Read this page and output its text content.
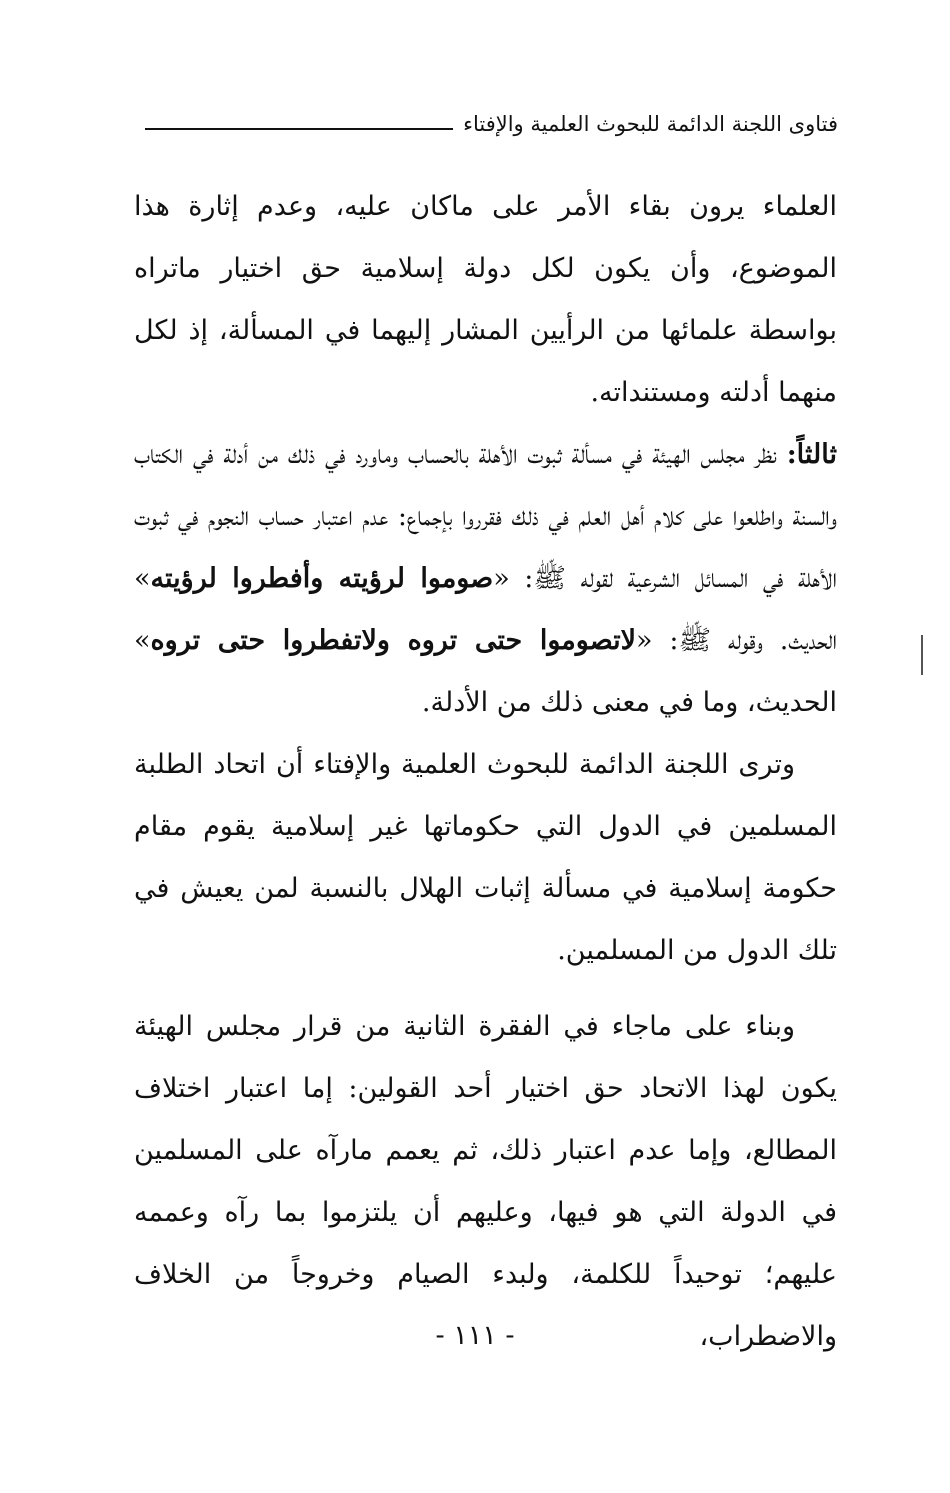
فتاوى اللجنة الدائمة للبحوث العلمية والإفتاء

العلماء يرون بقاء الأمر على ماكان عليه، وعدم إثارة هذا الموضوع، وأن يكون لكل دولة إسلامية حق اختيار ماتراه بواسطة علمائها من الرأيين المشار إليهما في المسألة، إذ لكل منهما أدلته ومستنداته.

ثالثاً: نظر مجلس الهيئة في مسألة ثبوت الأهلة بالحساب وماورد في ذلك من أدلة في الكتاب والسنة واطلعوا على كلام أهل العلم في ذلك فقرروا بإجماع: عدم اعتبار حساب النجوم في ثبوت الأهلة في المسائل الشرعية لقوله ﷺ: «صوموا لرؤيته وأفطروا لرؤيته» الحديث. وقوله ﷺ: «لاتصوموا حتى تروه ولاتفطروا حتى تروه» الحديث، وما في معنى ذلك من الأدلة.

وترى اللجنة الدائمة للبحوث العلمية والإفتاء أن اتحاد الطلبة المسلمين في الدول التي حكوماتها غير إسلامية يقوم مقام حكومة إسلامية في مسألة إثبات الهلال بالنسبة لمن يعيش في تلك الدول من المسلمين.

وبناء على ماجاء في الفقرة الثانية من قرار مجلس الهيئة يكون لهذا الاتحاد حق اختيار أحد القولين: إما اعتبار اختلاف المطالع، وإما عدم اعتبار ذلك، ثم يعمم مارآه على المسلمين في الدولة التي هو فيها، وعليهم أن يلتزموا بما رآه وعممه عليهم؛ توحيداً للكلمة، ولبدء الصيام وخروجاً من الخلاف والاضطراب،

- ١١١ -
